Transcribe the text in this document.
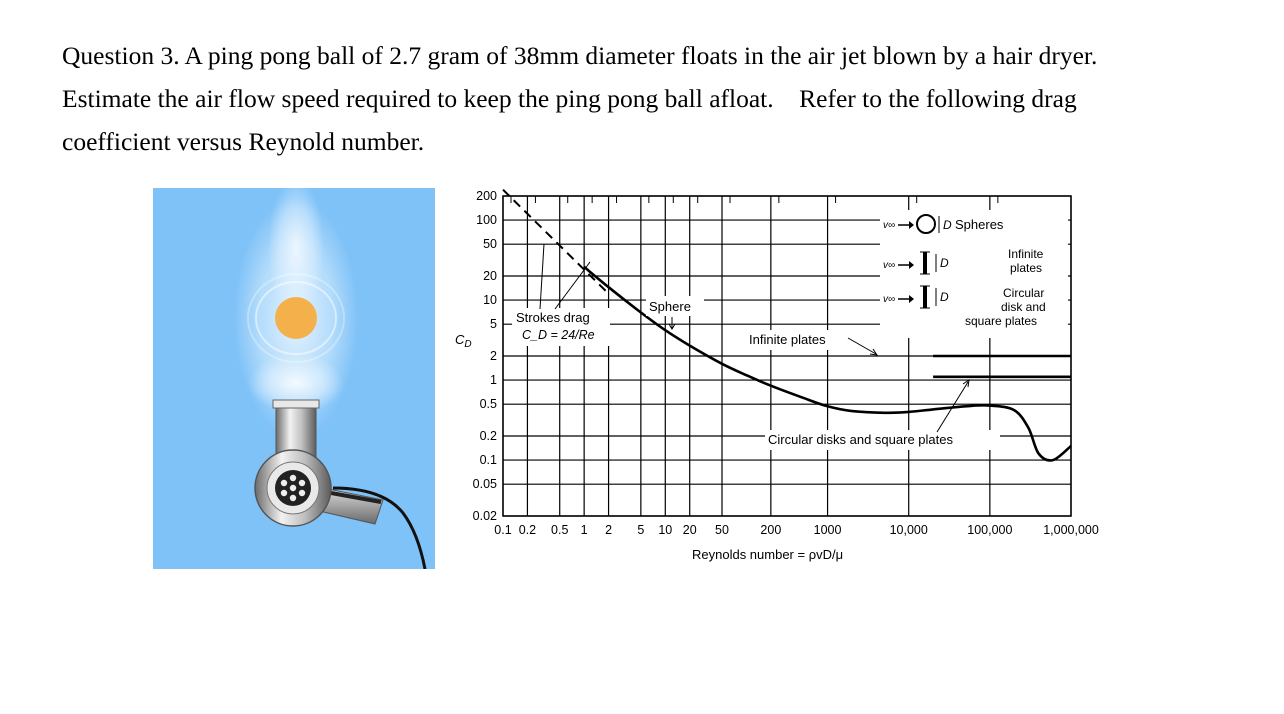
Question 3. A ping pong ball of 2.7 gram of 38mm diameter floats in the air jet blown by a hair dryer.
Estimate the air flow speed required to keep the ping pong ball afloat.    Refer to the following drag
coefficient versus Reynold number.
0.1 0.2 0.5 1 2 5 10 20 50	200	1000	10,000	100,000 1,000,000
200
100
50
20
10
5
2
1
0.5
0.2
0.1
0.05
0.02
$C_D$
Reynolds number = ρvD/μ
Strokes drag
C_D = 24/Re
Sphere
Infinite plates
Circular disks and square plates
v∞	D Spheres
v∞	D
Infinite
plates
v∞	D	Circular
disk and
square plates
